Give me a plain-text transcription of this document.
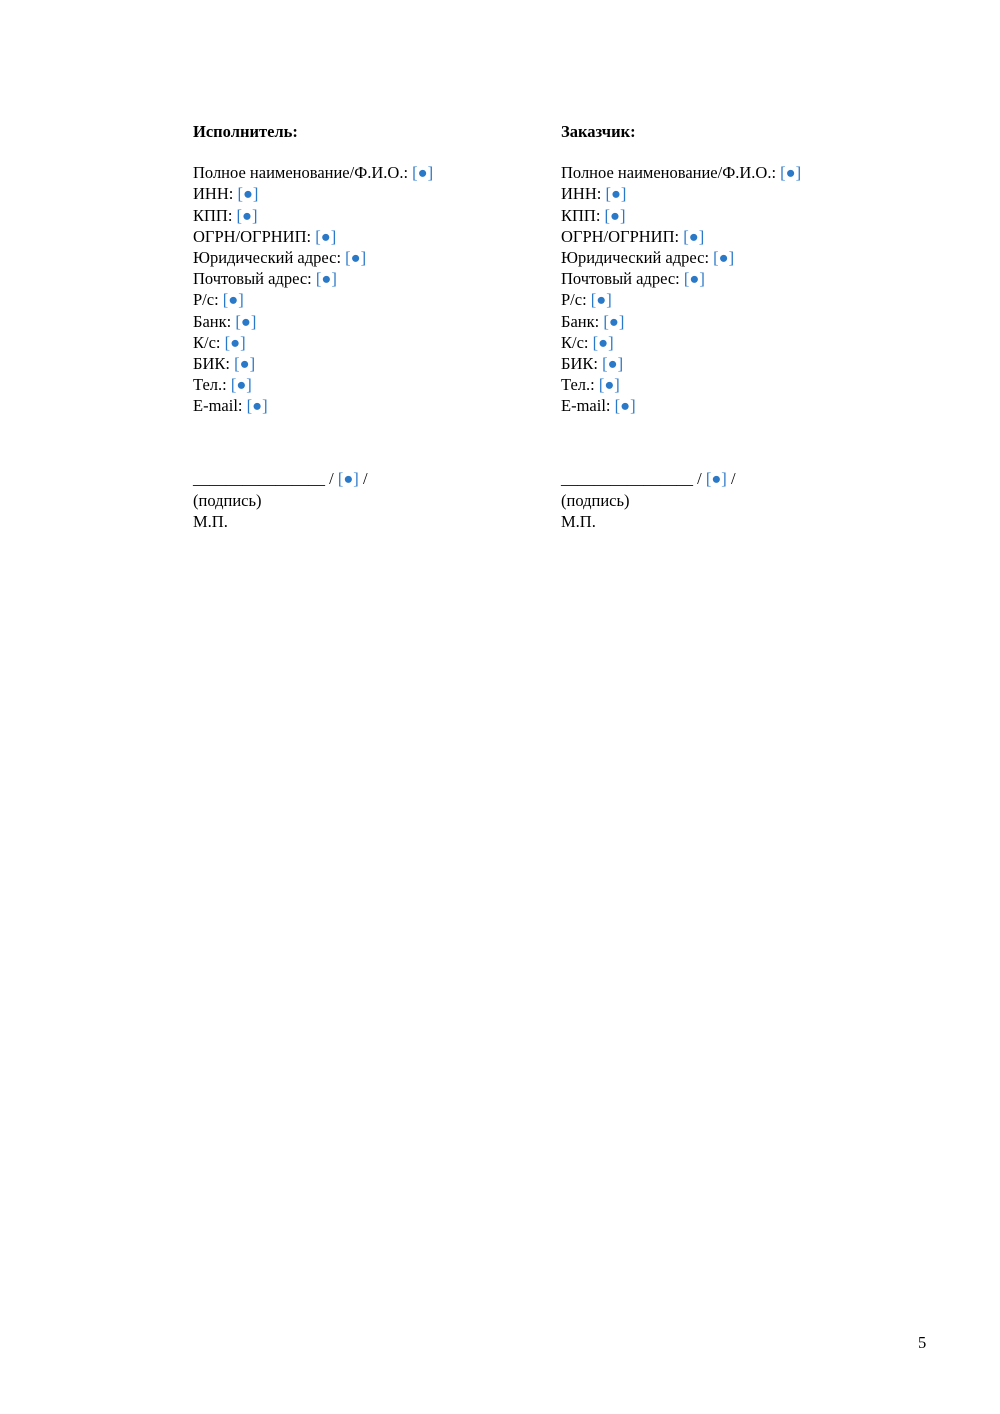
Исполнитель:
Полное наименование/Ф.И.О.: [●]
ИНН: [●]
КПП: [●]
ОГРН/ОГРНИП: [●]
Юридический адрес: [●]
Почтовый адрес: [●]
Р/с: [●]
Банк: [●]
К/с: [●]
БИК: [●]
Тел.: [●]
E-mail: [●]
________________ / [●] /
(подпись)
М.П.
Заказчик:
Полное наименование/Ф.И.О.: [●]
ИНН: [●]
КПП: [●]
ОГРН/ОГРНИП: [●]
Юридический адрес: [●]
Почтовый адрес: [●]
Р/с: [●]
Банк: [●]
К/с: [●]
БИК: [●]
Тел.: [●]
E-mail: [●]
________________ / [●] /
(подпись)
М.П.
5
